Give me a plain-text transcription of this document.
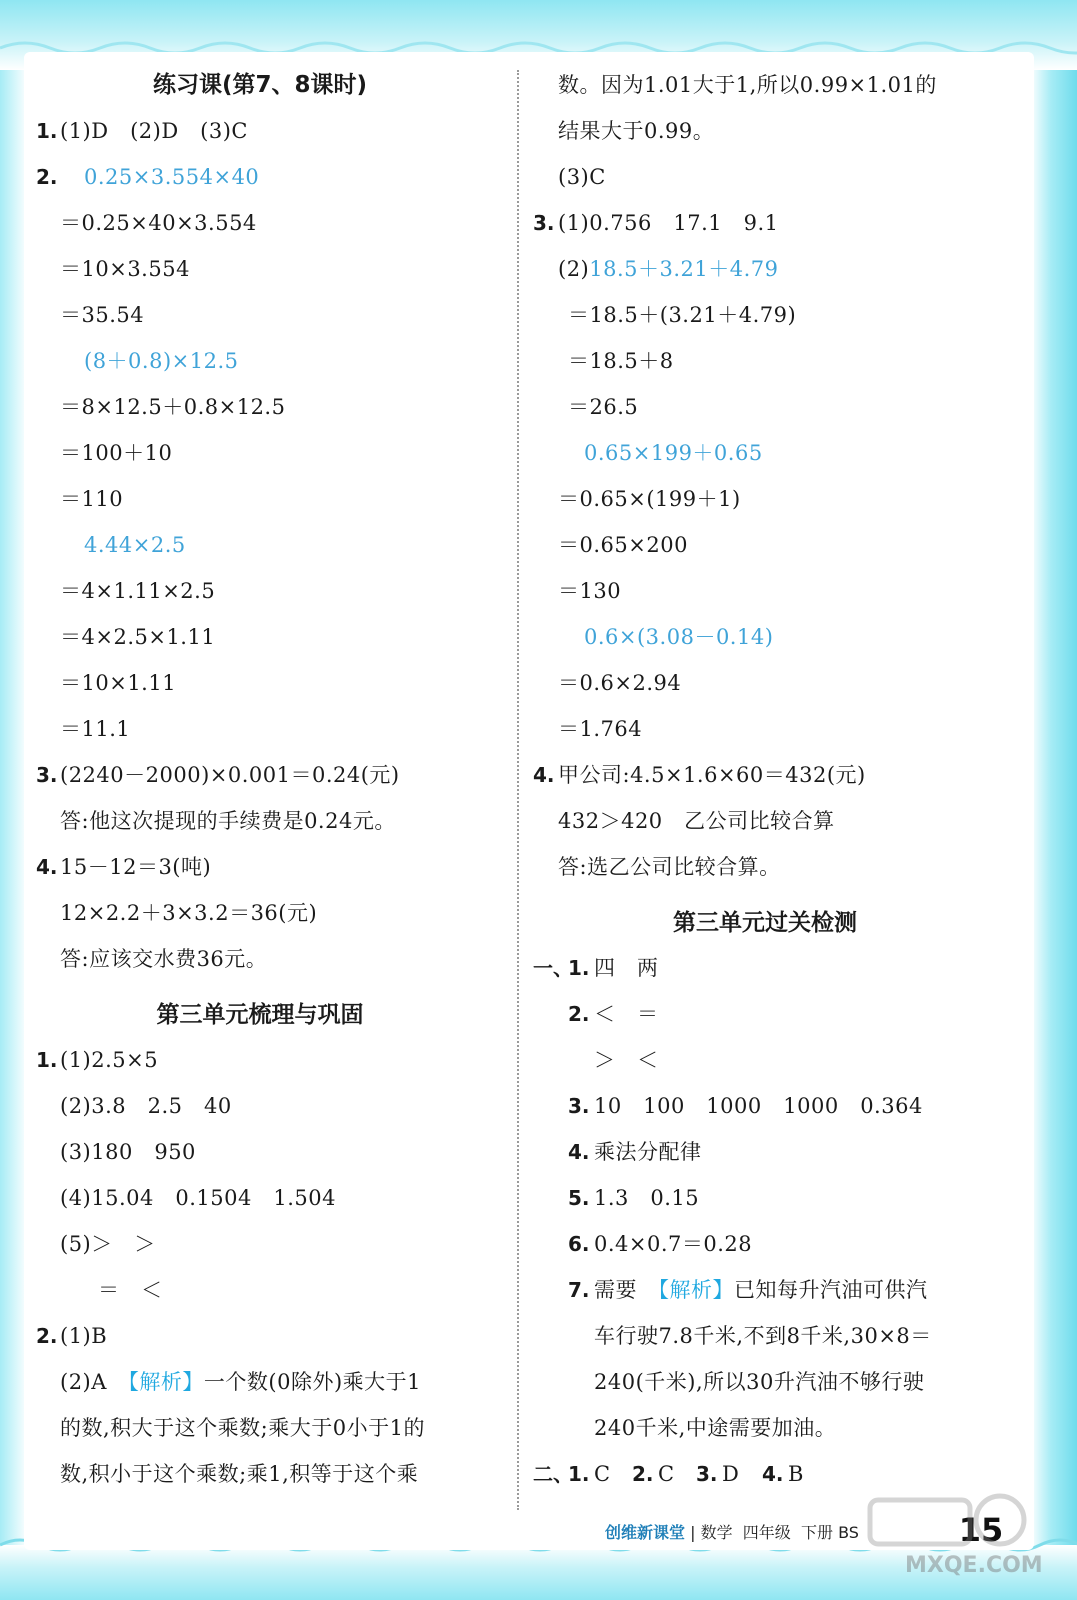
练习课(第7、8课时)
1. (1)D　(2)D　(3)C
2. 0.25×3.554×40
＝0.25×40×3.554
＝10×3.554
＝35.54
(8＋0.8)×12.5
＝8×12.5＋0.8×12.5
＝100＋10
＝110
4.44×2.5
＝4×1.11×2.5
＝4×2.5×1.11
＝10×1.11
＝11.1
3. (2240－2000)×0.001＝0.24(元)
答:他这次提现的手续费是0.24元。
4. 15－12＝3(吨)
12×2.2＋3×3.2＝36(元)
答:应该交水费36元。
第三单元梳理与巩固
1. (1)2.5×5
(2)3.8　2.5　40
(3)180　950
(4)15.04　0.1504　1.504
(5)＞　＞
＝　＜
2. (1)B
(2)A　【解析】一个数(0除外)乘大于1
的数,积大于这个乘数;乘大于0小于1的
数,积小于这个乘数;乘1,积等于这个乘
数。因为1.01大于1,所以0.99×1.01的
结果大于0.99。
(3)C
3. (1)0.756　17.1　9.1
(2)18.5＋3.21＋4.79
＝18.5＋(3.21＋4.79)
＝18.5＋8
＝26.5
0.65×199＋0.65
＝0.65×(199＋1)
＝0.65×200
＝130
0.6×(3.08－0.14)
＝0.6×2.94
＝1.764
4. 甲公司:4.5×1.6×60＝432(元)
432＞420　乙公司比较合算
答:选乙公司比较合算。
第三单元过关检测
一、
1. 四　两
2. ＜　＝
＞　＜
3. 10　100　1000　1000　0.364
4. 乘法分配律
5. 1.3　0.15
6. 0.4×0.7＝0.28
7. 需要　【解析】已知每升汽油可供汽
车行驶7.8千米,不到8千米,30×8＝
240(千米),所以30升汽油不够行驶
240千米,中途需要加油。
二、
1. C 2. C 3. D 4. B
创维新课堂 | 数学 四年级 下册 BS	15
MXQE.COM
